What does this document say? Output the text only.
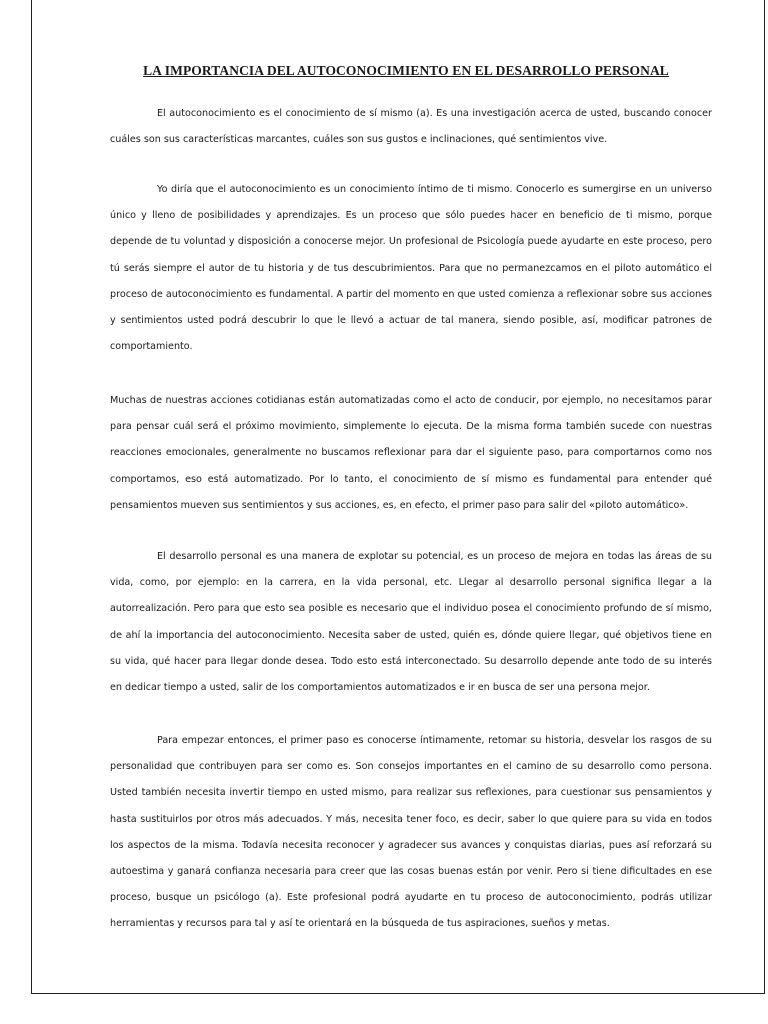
LA IMPORTANCIA DEL AUTOCONOCIMIENTO EN EL DESARROLLO PERSONAL

El autoconocimiento es el conocimiento de sí mismo (a). Es una investigación acerca de usted, buscando conocer cuáles son sus características marcantes, cuáles son sus gustos e inclinaciones, qué sentimientos vive.

Yo diría que el autoconocimiento es un conocimiento íntimo de ti mismo. Conocerlo es sumergirse en un universo único y lleno de posibilidades y aprendizajes. Es un proceso que sólo puedes hacer en beneficio de ti mismo, porque depende de tu voluntad y disposición a conocerse mejor. Un profesional de Psicología puede ayudarte en este proceso, pero tú serás siempre el autor de tu historia y de tus descubrimientos. Para que no permanezcamos en el piloto automático el proceso de autoconocimiento es fundamental. A partir del momento en que usted comienza a reflexionar sobre sus acciones y sentimientos usted podrá descubrir lo que le llevó a actuar de tal manera, siendo posible, así, modificar patrones de comportamiento.

Muchas de nuestras acciones cotidianas están automatizadas como el acto de conducir, por ejemplo, no necesitamos parar para pensar cuál será el próximo movimiento, simplemente lo ejecuta. De la misma forma también sucede con nuestras reacciones emocionales, generalmente no buscamos reflexionar para dar el siguiente paso, para comportarnos como nos comportamos, eso está automatizado. Por lo tanto, el conocimiento de sí mismo es fundamental para entender qué pensamientos mueven sus sentimientos y sus acciones, es, en efecto, el primer paso para salir del «piloto automático».

El desarrollo personal es una manera de explotar su potencial, es un proceso de mejora en todas las áreas de su vida, como, por ejemplo: en la carrera, en la vida personal, etc. Llegar al desarrollo personal significa llegar a la autorrealización. Pero para que esto sea posible es necesario que el individuo posea el conocimiento profundo de sí mismo, de ahí la importancia del autoconocimiento. Necesita saber de usted, quién es, dónde quiere llegar, qué objetivos tiene en su vida, qué hacer para llegar donde desea. Todo esto está interconectado. Su desarrollo depende ante todo de su interés en dedicar tiempo a usted, salir de los comportamientos automatizados e ir en busca de ser una persona mejor.

Para empezar entonces, el primer paso es conocerse íntimamente, retomar su historia, desvelar los rasgos de su personalidad que contribuyen para ser como es. Son consejos importantes en el camino de su desarrollo como persona. Usted también necesita invertir tiempo en usted mismo, para realizar sus reflexiones, para cuestionar sus pensamientos y hasta sustituirlos por otros más adecuados. Y más, necesita tener foco, es decir, saber lo que quiere para su vida en todos los aspectos de la misma. Todavía necesita reconocer y agradecer sus avances y conquistas diarias, pues así reforzará su autoestima y ganará confianza necesaria para creer que las cosas buenas están por venir. Pero si tiene dificultades en ese proceso, busque un psicólogo (a). Este profesional podrá ayudarte en tu proceso de autoconocimiento, podrás utilizar herramientas y recursos para tal y así te orientará en la búsqueda de tus aspiraciones, sueños y metas.
